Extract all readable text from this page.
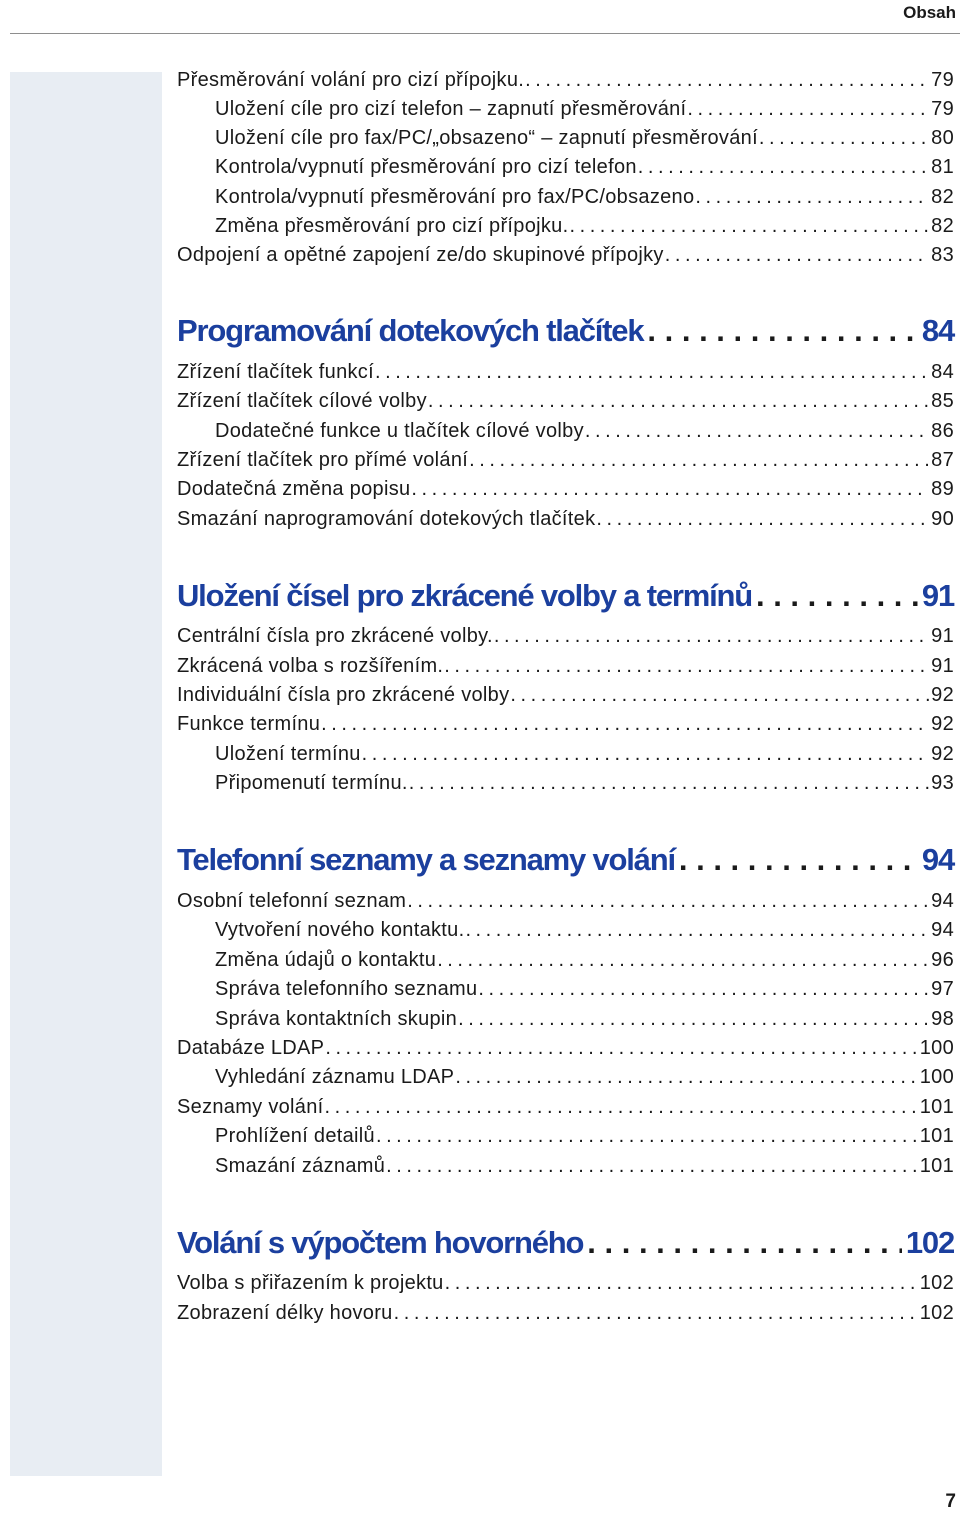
Obsah
Přesměrování volání pro cizí přípojku. . . .	79
Uložení cíle pro cizí telefon – zapnutí přesměrování . . .	79
Uložení cíle pro fax/PC/„obsazeno“ – zapnutí přesměrování . . .	80
Kontrola/vypnutí přesměrování pro cizí telefon . . .	81
Kontrola/vypnutí přesměrování pro fax/PC/obsazeno . . .	82
Změna přesměrování pro cizí přípojku. . . .	82
Odpojení a opětné zapojení ze/do skupinové přípojky . . .	83
Programování dotekových tlačítek . . .	84
Zřízení tlačítek funkcí . . .	84
Zřízení tlačítek cílové volby . . .	85
Dodatečné funkce u tlačítek cílové volby . . .	86
Zřízení tlačítek pro přímé volání . . .	87
Dodatečná změna popisu . . .	89
Smazání naprogramování dotekových tlačítek . . .	90
Uložení čísel pro zkrácené volby a termínů . . .	91
Centrální čísla pro zkrácené volby. . . .	91
Zkrácená volba s rozšířením. . . .	91
Individuální čísla pro zkrácené volby . . .	92
Funkce termínu . . .	92
Uložení termínu . . .	92
Připomenutí termínu. . . .	93
Telefonní seznamy a seznamy volání . . .	94
Osobní telefonní seznam . . .	94
Vytvoření nového kontaktu. . . .	94
Změna údajů o kontaktu . . .	96
Správa telefonního seznamu . . .	97
Správa kontaktních skupin . . .	98
Databáze LDAP . . .	100
Vyhledání záznamu LDAP . . .	100
Seznamy volání . . .	101
Prohlížení detailů . . .	101
Smazání záznamů . . .	101
Volání s výpočtem hovorného . . .	102
Volba s přiřazením k projektu . . .	102
Zobrazení délky hovoru . . .	102
7
